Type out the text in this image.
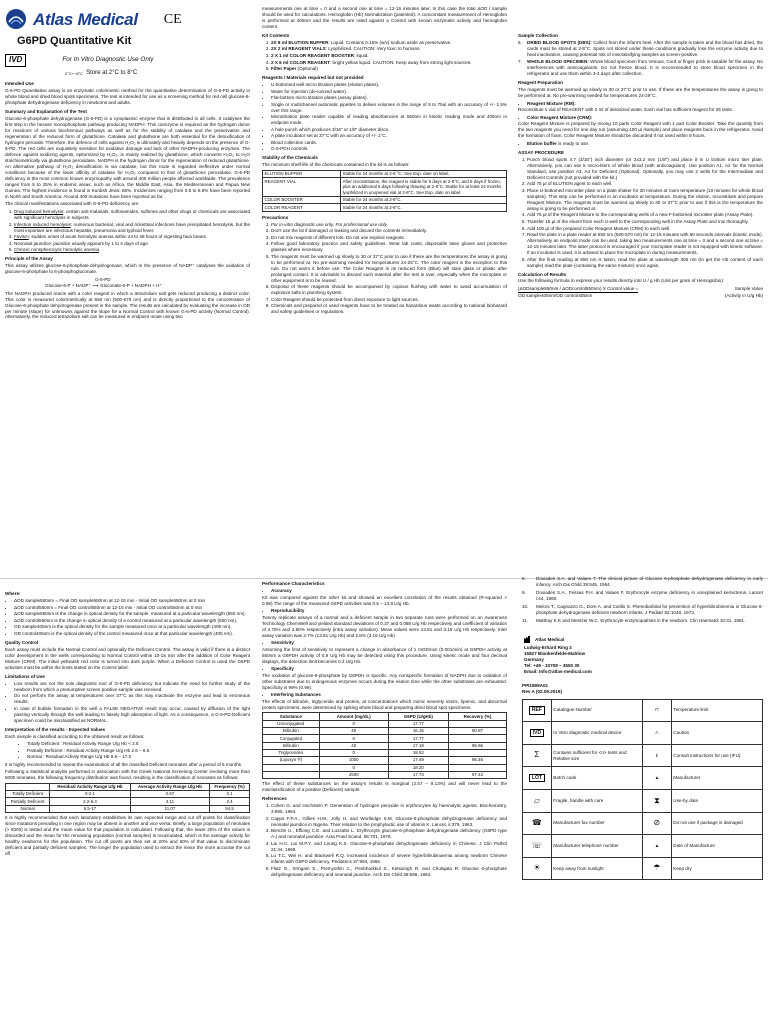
Atlas Medical CE
G6PD Quantitative Kit
IVD	For In Vitro Diagnostic Use Only
2°C⌐¬8°C Store at 2°C to 8°C
Intended Use

G-6-PD Quantitative assay is an enzymatic colorimetric method for the quantitative determination of G-6-PD activity in whole blood and dried blood spots specimens. The test is intended for use as a screening method for red cell glucose-6-phosphate dehydrogenase deficiency in newborns and adults.

Summary and Explanation of the Test

Glucose-6-phosphate dehydrogenase (G-6-PD) is a cytoplasmic enzyme that is distributed in all cells. It catalyses the first step in the hexose monophosphate pathway producing NADPH. This coenzyme is required as the hydrogen donor for reactions of various biochemical pathways as well as for the stability of catalase and the preservation and regeneration of the reduced form of glutathione. Catalase and glutathione are both essential for the detoxification of hydrogen peroxide. Therefore, the defence of cells against H₂O₂ is ultimately and heavily depends on the presence of G-6-PD. The red cells are exquisitely sensitive for oxidative damage and lack of other NADPH-producing enzymes. The defence against oxidizing agents, epitomized by H₂O₂, is mainly realized by glutathione, which converts H₂O₂ to H₂O stoichiometrically via glutathione peroxidase. NADPH is the hydrogen donor for the regeneration of reduced glutathione. An alternative pathway of H₂O₂ detoxification is via catalase, but this route is regarded ineffective under normal conditions because of the lower affinity of catalase for H₂O₂ compared to that of glutathione peroxidase. G-6-PD deficiency is the most common known enzymopathy with around 400 million people affected worldwide. The prevalence ranges from 5 to 25% in endemic areas, such as Africa, the Middle East, Asia, the Mediterranean and Papua New Guinea. The highest incidence is found in Kurdish Jews: 65%. Incidences ranging from 0.5 to 6.9% have been reported in North and South America. Around 400 mutations have been reported as far.

The clinical manifestations associated with G-6-PD deficiency are:

1. Drug induced hemolysis: certain anti-malarials, sulfonamides, sulfones and other drugs or chemicals are associated with significant hemolysis in subjects.
2. Infection induced hemolysis: numerous bacterial, viral and rickettsial infections have precipitated hemolysis, but the most important are infectious hepatitis, pneumonia and typhoid fever.
3. Favism: sudden onset of acute hemolytic anemia within 24 to 48 hours of ingesting fava beans.
4. Neonatal jaundice: jaundice usually appears by 1 to 4 days of age.
5. Chronic nonspherocytic hemolytic anemia.
Principle of the Assay

This assay utilizes glucose-6-phosphate-dehydrogenase, which in the presence of NADP⁺ catalyses the oxidation of glucose-6-phosphate to 6-phosphogluconate.

G-6-PD
Glucose-6-P + NADP⁺ ⟶ Gluconate-6-P + NADPH + H⁺

The NADPH produced reacts with a color reagent in which a tetrazolium salt gets reduced producing a distinct color. This color is measured colorimetrically at 550 nm (500-570 nm) and is directly proportional to the concentration of Glucose-6-phosphate dehydrogenase present in the sample. The results are calculated by evaluating the increase in OD per minute (slope) for unknowns against the slope for a Normal Control with known G-6-PD activity (Normal Control). Alternatively, the reduced tetrazolium salt can be measured in endpoint mode using two

measurements one at time = 0 and a second one at time = 12-15 minutes later. In this case the total ΔOD / sample should be used for calculations. Hemoglobin (Hb) Normalization (patented): A concomitant measurement of Hemoglobin is performed at 405nm and the results are rated against a Control with known enzymatic activity and hemoglobin content.

Kit Contents
1. 2X 8 ml ELUTION BUFFER: Liquid. Contains 0.15% (w/v) sodium azide as preservative.
2. 2X 2 ml REAGENT VIALS: Lyophilized. CAUTION: Very toxic to humans.
3. 2 X 1 ml COLOR REAGENT BOOSTER: liquid.
4. 2 X 6 ml COLOR REAGENT: bright yellow liquid. CAUTION: Keep away from strong light sources.
5. Filter Paper (Optional)
Reagents / Materials required but not provided
• U-bottomed well micro titration plates (elution plates).
• Water for injection (de-ionized water).
• Flat-bottom micro titration plates (assay plates).
• Single or multichannel automatic pipettes to deliver volumes in the range of 5 to 75ul with an accuracy of +/- 1.5% over this range.
• Microtitration plate reader capable of reading absorbencies at 550nm in kinetic reading mode and 405nm in endpoint mode.
• A hole punch which produces 3/16" or 1/8" diameter discs.
• A plate incubator set at 37°C with an accuracy of +/- 1°C.
• Blood collection cards.
• G-6-PDH controls.
Stability of the Chemicals

The minimum shelf-life of the chemicals contained in the kit is as follows:

ELUTION BUFFER	Stable for 24 months at 2-8 °C. See Exp. date on label.
REAGENT VIAL	After reconstitution, the reagent is stable for 5 days at 2-8°C, and 5 days if frozen, plus an additional 5 days following thawing at 2-8°C. Stable for at least 24 months lyophilized in unopened vial at 2-8°C. See Exp. date on label.
COLOR BOOSTER	Stable for 24 months at 2-8°C.
COLOR REAGENT	Stable for 24 months at 2-8°C.
Precautions
1. For in-vitro diagnostic use only. For professional use only.
2. Don't use the kit if damaged or leaking and discard the contents immediately.
3. Do not mix reagents of different lots. Do not use expired reagents.
4. Follow good laboratory practice and safety guidelines. Wear lab coats, disposable latex gloves and protective glasses where necessary.
5. The reagents must be warmed up slowly to 30 or 37°C prior to use if these are the temperatures the assay is going to be performed at. No pre-warming needed for temperatures 24-25°C. The color reagent is the exception to this rule. Do not warm it before use. The Color Reagent in its reduced form (Blue) will stain glass or plastic after prolonged contact. It is advisable to discard such material after the test is over, especially when the microplate or other equipment is to be reused.
6. Disposal of these reagents should be accompanied by copious flushing with water to avoid accumulation of explosive salts in plumbing system.
7. Color Reagent should be protected from direct exposure to light sources.
8. Chemicals and prepared or used reagents have to be treated as hazardous waste according to national biohazard and safety guidelines or regulations.
Sample Collection
6.	DRIED BLOOD SPOTS (DBS): Collect from the infant's heel. After the sample is taken and the blood has dried, the cards must be stored at 2-8°C. Spots not stored under these conditions gradually lose the enzyme activity due to heat inactivation, causing potential risk of misclassifying samples as screen-positive.

7.	WHOLE BLOOD SPECIMEN: Whole blood specimen from Venous, Cord or finger prick is suitable for the assay. No interferences with anticoagulants. Do not freeze blood. It is recommended to store blood specimen in the refrigerator and use them within 3-4 days after collection.

Reagent Preparation

The reagents must be warmed up slowly to 30 or 37°C prior to use. If these are the temperatures the assay is going to be performed at. No pre-warming needed for temperatures 24-29°C.

• Reagent Mixture (RM):

Reconstitute 1 vial of REAGENT with 2 ml of deionized water. Each vial has sufficient reagent for 25 tests.

• Color Reagent Mixture (CRM):

Color Reagent Mixture is prepared by mixing 10 parts Color Reagent with 1 part Color Booster. Take the quantity from the two reagents you need for one day run (assuming 100 µl /sample) and place reagents back in the refrigerator. Avoid the formation of foam. Color Reagent Mixture should be discarded if not used within 8 hours.

• Elution buffer is ready to use.
ASSAY PROCEDURE
1. Punch blood spots 4.7 (3/16") inch diameter (or 2x3.2 mm (1/8") and place it in U bottom micro titer plate. Alternatively, you can use 5 micro-liters of whole blood (with anticoagulant). Use position A1, A2 for the Normal Standard, use position A3, A4 for Deficient (Optional). Optionally, you may use 2 wells for the Intermediate and Deficient Controls (not provided with the kit.)
2. Add 75 µl of ELUTION agent to each well.
3. Place U-bottomed microtiter plate on a plate shaker for 30 minutes at room temperature (10 minutes for whole blood samples). This step can be performed in an incubator at temperature. During the elution, reconstitute and prepare Reagent Mixture. The reagents must be warmed up slowly to 30 or 37°C prior to use if this is the temperature the assay is going to be performed at.
4. Add 75 µl of the Reagent Mixture to the corresponding wells of a new F-bottomed microtiter plate (Assay Plate).
5. Transfer 15 µl of the eluent from each U-well to the corresponding well in the Assay Plate and mix thoroughly.
6. Add 100 µl of the prepared Color Reagent Mixture (CRM) to each well.
7. Read the plate in a plate reader at 550 nm (500-570 nm) for 12-15 minutes with 60 seconds intervals (kinetic mode). Alternatively an endpoint mode can be used, taking two measurements one at time = 0 and a second one at time = 12-15 minutes later. The latter protocol is encouraged if your microplate reader is not equipped with kinetic software. If an incubator is used, it is advised to place the microplate in during measurements.
8. After the final reading at 550 nm is taken, read the plate at wavelength 405 nm (to get the Hb content of each sample) read the plate (containing the same mixture) once again.
Calculation of Results

Use the following formula to express your results directly into U / g Hb (Unit per gram of Hemoglobin):

(ΔODsample550nm / ΔODcontrol550nm) X Control value =	Sample Value
OD sample405nm/OD control405nm	(Activity in U/g Hb)
Where:
• ΔOD sample550nm = Final OD sample550nm at 12-15 min - Initial OD sample550nm at 0 min
• ΔOD control550nm = Final OD control550nm at 12-15 min - Initial OD control550nm at 0 min
• ΔOD sample550nm is the change in optical density for the sample, measured at a particular wavelength (550 nm).
• ΔOD control550nm is the change in optical density of a control measured at a particular wavelength (550 nm).
• OD sample405nm is the optical density for the sample measured once at a particular wavelength (405 nm).
• OD control405nm is the optical density of the control measured once at that particular wavelength (405 nm).
Quality Control

Each assay must include the Normal Control and optionally the Deficient Control. The assay is valid if there is a distinct color development in the wells corresponding to Normal Control within 10-15 min after the addition of Color Reagent Mixture (CRM). The initial yellowish red color is turned into dark purple. When a Deficient Control is used the G6PD activities must be within the limits stated on the Control label.

Limitations of Use
• Low results are not the sole diagnostic tool of G-6-PD deficiency but indicate the need for further study of the newborn from which a presumptive screen positive sample was received.
• Do not perform the assay at temperatures over 37°C as this may inactivate the enzyme and lead to erroneous results.
• In case of bubble formation in the well a FALSE NEGATIVE result may occur, caused by diffusion of the light passing vertically through the well leading to falsely high absorption of light. As a consequence, a G-6-PD Deficient specimen could be misclassified as NORMAL.
Interpretation of the results - Expected Values

Each sample is classified according to the obtained result as follows:

• Totally Deficient : Residual Activity Range U/g Hb < 2.5
• Partially Deficient : Residual Activity Range U/g Hb 2.6 – 6.5
• Normal : Residual Activity Range U/g Hb 6.6 – 17.0

It is highly recommended to repeat the examination of all the classified Deficient neonates after a period of 6 months.

Following a statistical analysis performed in association with the Greek National Screening Center involving more than 5000 neonates, the following frequency distribution was found, resulting in the classification of neonates as follows:

	Residual Activity Range U/g Hb	Average Activity Range U/g Hb	Frequency (%)
Totally Deficient	0-2.1	0.67	3.1
Partially Deficient	2.2-6.4	4.11	2.4
Normal	6.5-17	11.07	94.5

It is highly recommended that each laboratory establishes its own expected range and cut off points for classification since mutations prevailing in one region may be absent in another and vice versa. Briefly, a large population of neonates (> 5000) is tested and the mean value for that population is calculated. Following that, the lower 20% of the values is discarded and the mean for the remaining population (normal samples) is recalculated, which is the average activity for healthy newborns for this population. The cut off points are then set at 20% and 60% of that value to discriminate deficient and partially deficient samples. The longer the population used to extract the mean the more accurate the cut off

Performance Characteristics
• Accuracy

Kit was compared against the other kit and showed an excellent correlation of the results obtained (R-squared > 0.99).The range of the measured G6PD activities was 0.5 – 13.8 U/g Hb.

• Reproducibility

Twenty replicate assays of a normal and a deficient sample in two separate runs were performed on an Awareness Technology ChemWell and yielded standard deviations of 0.37 and 0.088 U/g Hb respectively and coefficient of variation of 2.75% and 2.80% respectively (intra assay variation). Mean values were 13.81 and 3.16 U/g Hb respectively. Inter assay variation was 2.7% (13.81 U/g Hb) and 2.8% (3.16 U/g Hb)

• Sensitivity

Assuming the limit of sensitivity to represent a change in absorbance of 1 mOD/min (0.001/min) at G6PDH activity at 550nm a G6PDH activity of 0.9 U/g Hb may be detected using this procedure. Using kinetic mode and four decimal displays, the detection limit becomes 0.3 U/g Hb.

• Specificity

The oxidation of glucose-6-phosphate by G6PDH is specific. Any nonspecific formation of NADPH due to oxidation of other substrates due to endogenous enzymes occurs during the elution time while the other substrates are exhausted. Specificity is 99% (0.99).

• Interfering Substances

The effects of bilirubin, triglyceride and protein, at concentrations which mimic severely icteric, lipemic, and abnormal protein specimens, were determined by spiking whole blood and preparing dried blood spot specimens.

Substance	Amount (mg/dL)	G6PD (U/gHb)	Recovery (%)
Unconjugated	0	17.77	
Bilirubin	40	16.15	90.87
Conjugated	0	17.77	
Bilirubin	40	17.18	96.66
Triglycerides	0	18.52	
(Lipoxyn ®)	1000	17.49	95.46
	0	18.20	
	2500	17.73	97.43

The effect of these substances on the assay's results is marginal (2.57 – 9.13%) and will never lead to the misclassification of a positive (Deficient) sample.

References
1. Cohen G. and Hochstein P. Generation of hydrogen peroxide in erythrocytes by haemolytic agents. Biochemistry, 3:895, 1964.
2. Capps F.P.A., Gillies H.M., Jolly H. and Worlledge S.M. Glucose-6-phosphate dehydrogenase deficiency and neonatal jaundice in Nigeria. Their relation to the prophylactic use of vitamin K. Lancet, ii:379, 1963.
3. Bienzle U., Effiong C.E. and Luzzatto L. Erythrocyte glucose-6-phosphate dehydrogenase deficiency (G6PD type A-) and neonatal jaundice. Acta Poed Scand. 65:701, 1976.
4. Lai H.C. Lai M.P.Y. and Leung K.S. Glucose-6-phosphate dehydrogenase deficiency in Chinese. J Clin Pathol 21:44, 1968.
5. Lu T.C, Wei H. and Blackwell R.Q. Increased incidence of severe hyperbilirubinaemia among newborn Chinese infants with G6PD deficiency. Pediatrics 37:994, 1966
6. Flatz G., Sringam S., Premyothin C., Penbharkkul S., Ketsuingh R. and Chulajata R. Glucose 6-phosphate dehydrogenase deficiency and neonatal jaundice. Arch Dis Child 38:566, 1963.
8.	Doxiades S.A. and Valaes T. The clinical picture of Glucose 6-phosphate dehydrogenase deficiency in early infancy. Arch Dis Child 39:545, 1964.

9.	Doxiades S.A., Fessas P.H. and Valaes F. Erythrocyte enzyme deficiency in unexplained kernicterus. Lancet i:44, 1960.

10.	Meloni T., Cagnazzo G., Dore A. and Cutillo S. Phenobarbital for prevention of hyperbilirubinemia in Glucose 6-phosphate dehydrogenase deficient newborn infants. J Pediatr 82:1048, 1973.

11.	Matthay K.K and Mentzer W.C. Erythrocyte enzymopathies in the newborn. Clin Haematol 10:31, 1981.

Atlas Medical
Ludwig-Erhard Ring 3
15827 Blankenfelde-Mahlow
Germany
Tel: +49 - 33708 – 3550 30
Email: Info@atlas-medical.com
PPI1899A01
Rev A (02.09.2019)
REF	Catalogue Number	⊓	Temperature limit
IVD	In Vitro diagnostic medical device	⚠	Caution
Σ	Contains sufficient for <n> tests and Relative size	ℹ	Consult instructions for use (IFU)
LOT	Batch code	▲	Manufacturer
▱	Fragile, handle with care	⧗	Use-by date
☎	Manufacturer fax number	⊘	Do not use if package is damaged
☏	Manufacturer telephone number	▲	Date of Manufacture
☀	Keep away from sunlight	☂	Keep dry
